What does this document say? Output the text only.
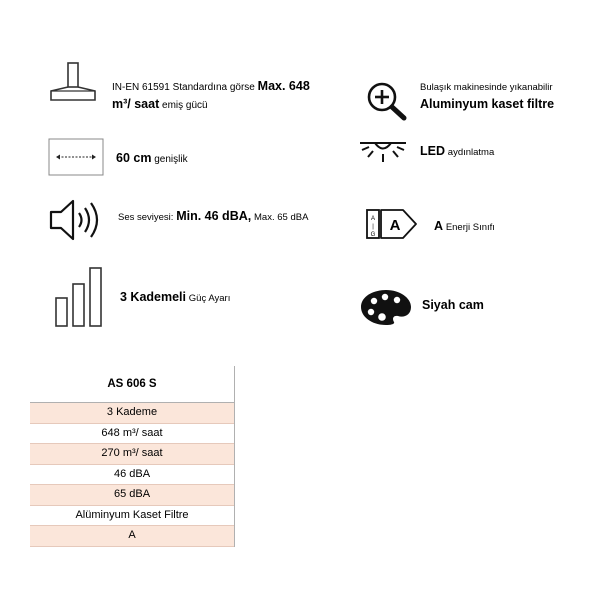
IN-EN 61591 Standardına görse Max. 648
m³/ saat emiş gücü
Bulaşık makinesinde yıkanabilir
Aluminyum kaset filtre
60 cm genişlik
LED aydınlatma
Ses seviyesi: Min. 46 dBA, Max. 65 dBA	A
|
G
A	A Enerji Sınıfı
3 Kademeli Güç Ayarı	Siyah cam
AS 606 S
3 Kademe
648 m³/ saat
270 m³/ saat
46 dBA
65 dBA
Alüminyum Kaset Filtre
A
